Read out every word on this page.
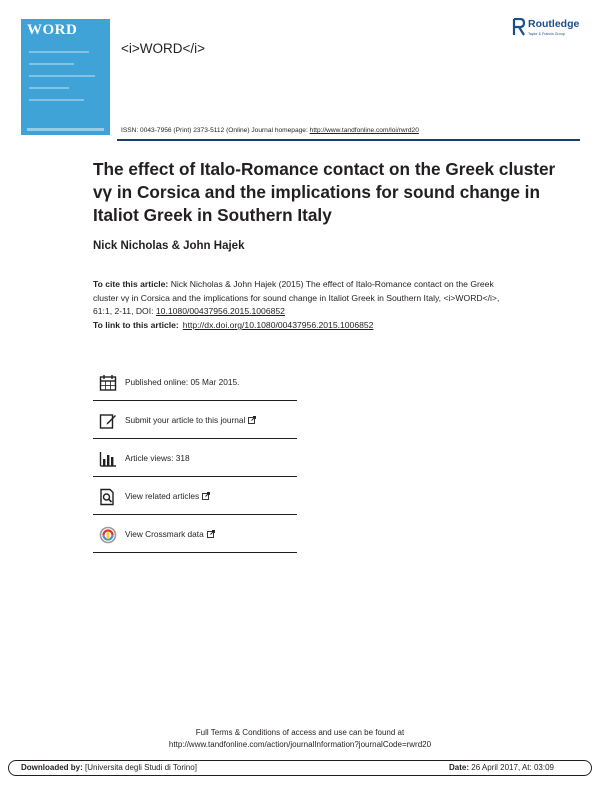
WORD
<i>WORD</i>
Routledge
Taylor & Francis Group
ISSN: 0043-7956 (Print) 2373-5112 (Online) Journal homepage: http://www.tandfonline.com/loi/rwrd20
The effect of Italo-Romance contact on the Greek cluster vγ in Corsica and the implications for sound change in Italiot Greek in Southern Italy
Nick Nicholas & John Hajek

To cite this article: Nick Nicholas & John Hajek (2015) The effect of Italo-Romance contact on the Greek cluster vγ in Corsica and the implications for sound change in Italiot Greek in Southern Italy, <i>WORD</i>, 61:1, 2-11, DOI: 10.1080/00437956.2015.1006852

To link to this article: http://dx.doi.org/10.1080/00437956.2015.1006852
Published online: 05 Mar 2015.
Submit your article to this journal
Article views: 318
View related articles
View Crossmark data
Full Terms & Conditions of access and use can be found at
http://www.tandfonline.com/action/journalInformation?journalCode=rwrd20
Downloaded by: [Universita degli Studi di Torino]	Date: 26 April 2017, At: 03:09
